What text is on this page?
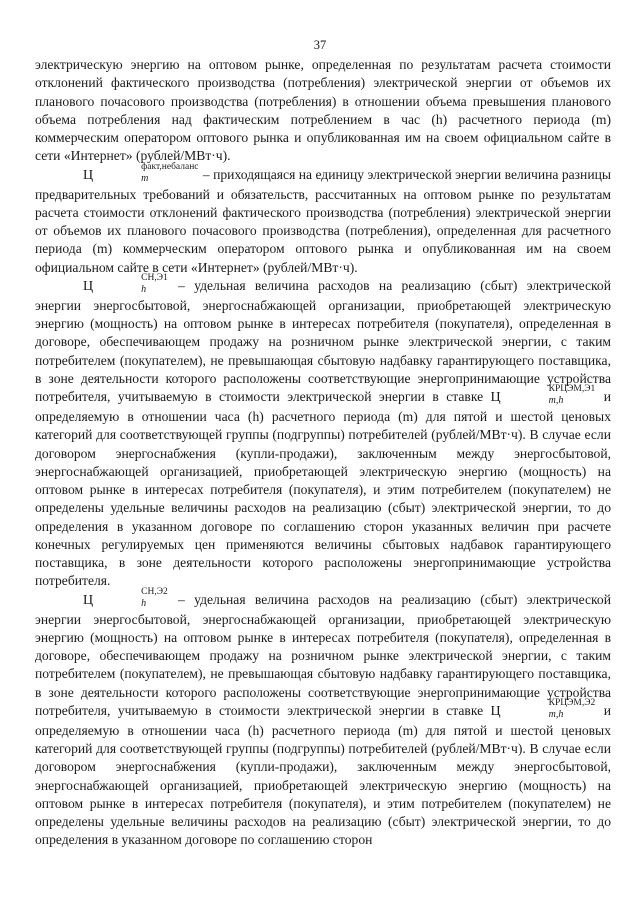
37

электрическую энергию на оптовом рынке, определенная по результатам расчета стоимости отклонений фактического производства (потребления) электрической энергии от объемов их планового почасового производства (потребления) в отношении объема превышения планового объема потребления над фактическим потреблением в час (h) расчетного периода (m) коммерческим оператором оптового рынка и опубликованная им на своем официальном сайте в сети «Интернет» (рублей/МВт·ч).

Ц
факт,небаланс
m	– приходящаяся на единицу электрической энергии величина разницы предварительных требований и обязательств, рассчитанных на оптовом рынке по результатам расчета стоимости отклонений фактического производства (потребления) электрической энергии от объемов их планового почасового производства (потребления), определенная для расчетного периода (m) коммерческим оператором оптового рынка и опубликованная им на своем официальном сайте в сети «Интернет» (рублей/МВт·ч).

Ц
СН,Э1
h	– удельная величина расходов на реализацию (сбыт) электрической энергии энергосбытовой, энергоснабжающей организации, приобретающей электрическую энергию (мощность) на оптовом рынке в интересах потребителя (покупателя), определенная в договоре, обеспечивающем продажу на розничном рынке электрической энергии, с таким потребителем (покупателем), не превышающая сбытовую надбавку гарантирующего поставщика, в зоне деятельности которого расположены соответствующие энергопринимающие устройства потребителя, учитываемую в стоимости электрической энергии в ставке Ц
КРЦЭМ,Э1
m,h	и определяемую в отношении часа (h) расчетного периода (m) для пятой и шестой ценовых категорий для соответствующей группы (подгруппы) потребителей (рублей/МВт·ч). В случае если договором энергоснабжения (купли-продажи), заключенным между энергосбытовой, энергоснабжающей организацией, приобретающей электрическую энергию (мощность) на оптовом рынке в интересах потребителя (покупателя), и этим потребителем (покупателем) не определены удельные величины расходов на реализацию (сбыт) электрической энергии, то до определения в указанном договоре по соглашению сторон указанных величин при расчете конечных регулируемых цен применяются величины сбытовых надбавок гарантирующего поставщика, в зоне деятельности которого расположены энергопринимающие устройства потребителя.

Ц
СН,Э2
h	– удельная величина расходов на реализацию (сбыт) электрической энергии энергосбытовой, энергоснабжающей организации, приобретающей электрическую энергию (мощность) на оптовом рынке в интересах потребителя (покупателя), определенная в договоре, обеспечивающем продажу на розничном рынке электрической энергии, с таким потребителем (покупателем), не превышающая сбытовую надбавку гарантирующего поставщика, в зоне деятельности которого расположены соответствующие энергопринимающие устройства потребителя, учитываемую в стоимости электрической энергии в ставке Ц
КРЦЭМ,Э2
m,h	и определяемую в отношении часа (h) расчетного периода (m) для пятой и шестой ценовых категорий для соответствующей группы (подгруппы) потребителей (рублей/МВт·ч). В случае если договором энергоснабжения (купли-продажи), заключенным между энергосбытовой, энергоснабжающей организацией, приобретающей электрическую энергию (мощность) на оптовом рынке в интересах потребителя (покупателя), и этим потребителем (покупателем) не определены удельные величины расходов на реализацию (сбыт) электрической энергии, то до определения в указанном договоре по соглашению сторон
